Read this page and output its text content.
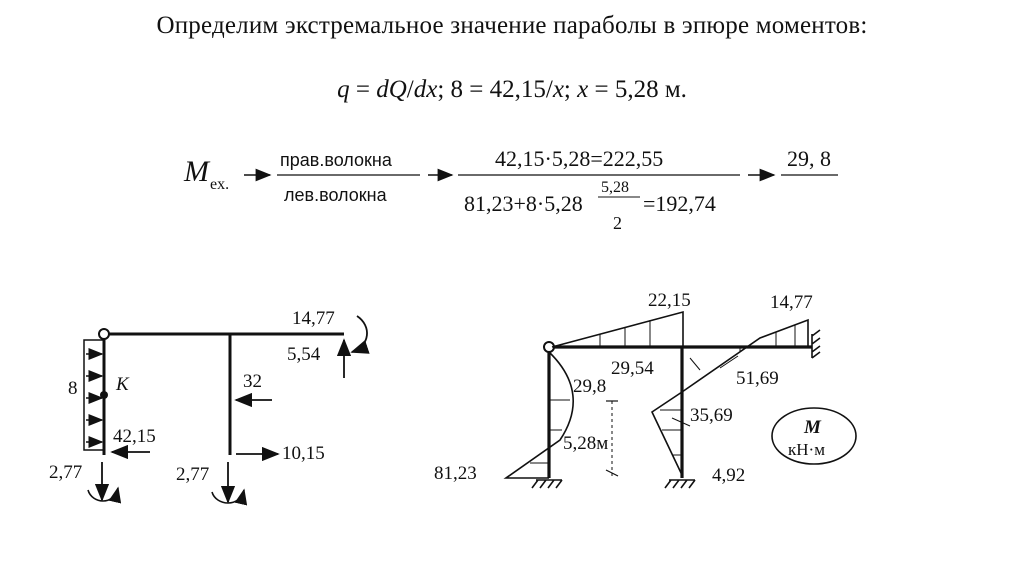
Определим экстремальное значение параболы в эпюре моментов:
q = dQ/dx; 8 = 42,15/x; x = 5,28 м.
M ex.
прав.волокна
лев.волокна
42,15·5,28=222,55
81,23+8·5,28
5,28
2
=192,74
29, 8
8 K
14,77
5,54
32
42,15
10,15
2,77	2,77
22,15	14,77
29,54	51,69
29,8
35,69
5,28м
81,23	4,92
M
кН·м
